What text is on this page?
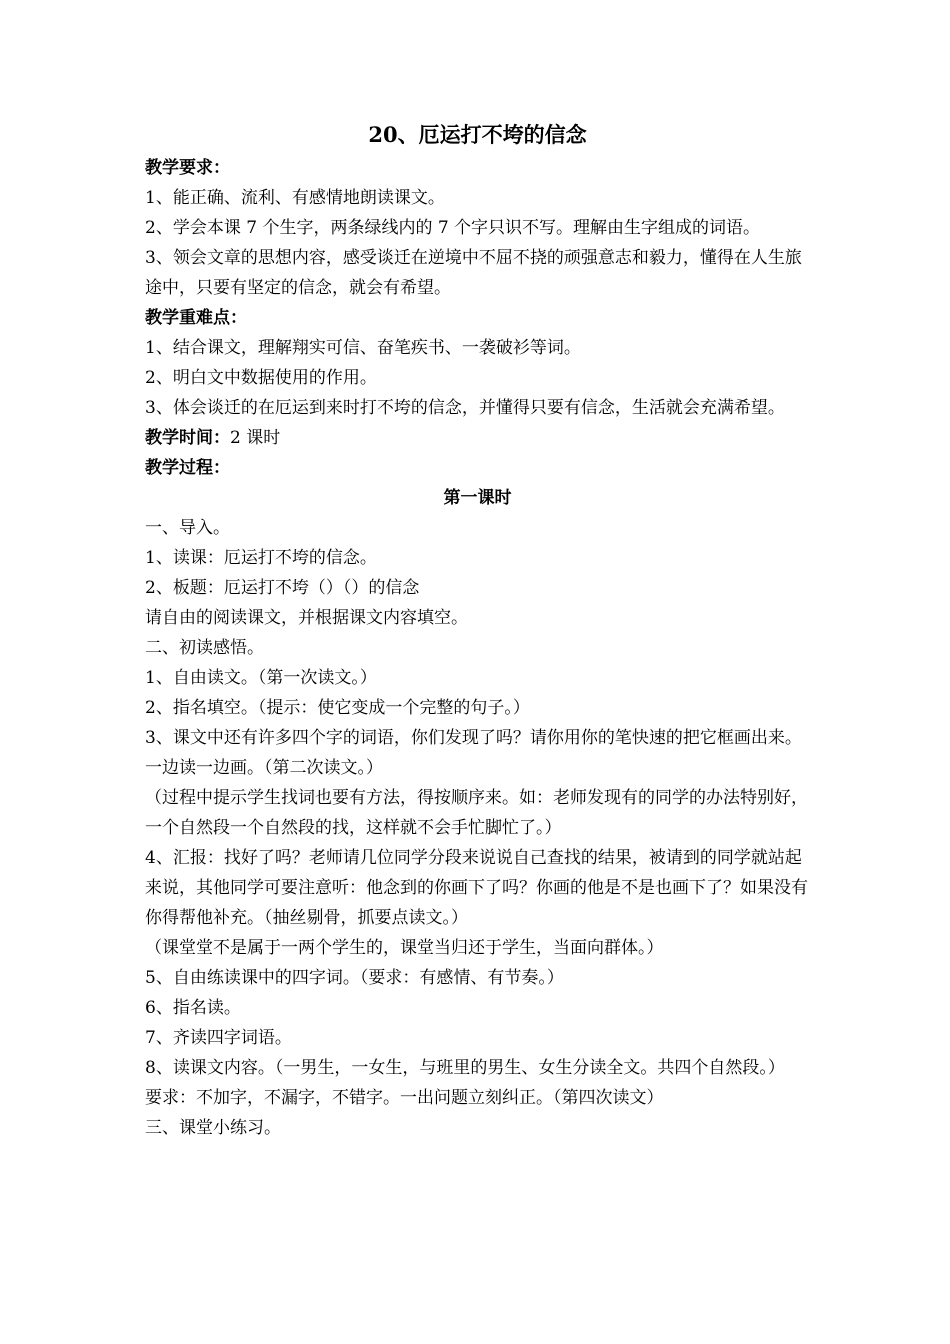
20、厄运打不垮的信念

教学要求：

1、能正确、流利、有感情地朗读课文。

2、学会本课 7 个生字，两条绿线内的 7 个字只识不写。理解由生字组成的词语。

3、领会文章的思想内容，感受谈迁在逆境中不屈不挠的顽强意志和毅力，懂得在人生旅途中，只要有坚定的信念，就会有希望。

教学重难点：

1、结合课文，理解翔实可信、奋笔疾书、一袭破衫等词。

2、明白文中数据使用的作用。

3、体会谈迁的在厄运到来时打不垮的信念，并懂得只要有信念，生活就会充满希望。

教学时间：2 课时

教学过程：

第一课时

一、导入。

1、读课：厄运打不垮的信念。

2、板题：厄运打不垮（）（）的信念

请自由的阅读课文，并根据课文内容填空。

二、初读感悟。

1、自由读文。（第一次读文。）

2、指名填空。（提示：使它变成一个完整的句子。）

3、课文中还有许多四个字的词语，你们发现了吗？请你用你的笔快速的把它框画出来。一边读一边画。（第二次读文。）

（过程中提示学生找词也要有方法，得按顺序来。如：老师发现有的同学的办法特别好，一个自然段一个自然段的找，这样就不会手忙脚忙了。）

4、汇报：找好了吗？老师请几位同学分段来说说自己查找的结果，被请到的同学就站起来说，其他同学可要注意听：他念到的你画下了吗？你画的他是不是也画下了？如果没有你得帮他补充。（抽丝剔骨，抓要点读文。）

（课堂堂不是属于一两个学生的，课堂当归还于学生，当面向群体。）

5、自由练读课中的四字词。（要求：有感情、有节奏。）

6、指名读。

7、齐读四字词语。

8、读课文内容。（一男生，一女生，与班里的男生、女生分读全文。共四个自然段。）

要求：不加字，不漏字，不错字。一出问题立刻纠正。（第四次读文）

三、课堂小练习。
